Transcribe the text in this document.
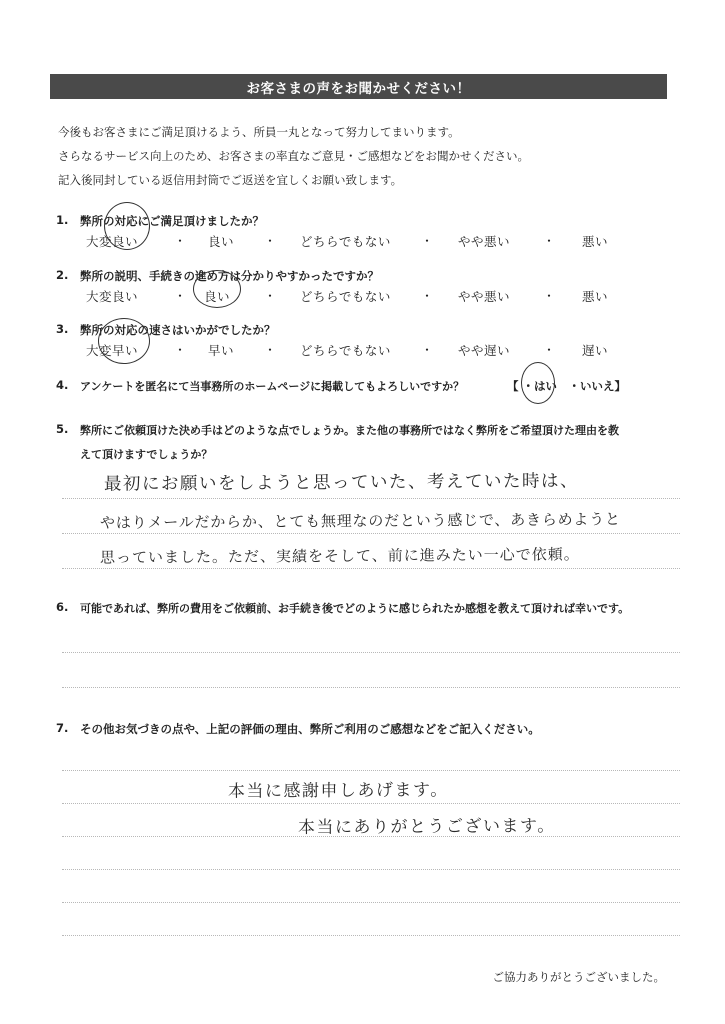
お客さまの声をお聞かせください！
今後もお客さまにご満足頂けるよう、所員一丸となって努力してまいります。
さらなるサービス向上のため、お客さまの率直なご意見・ご感想などをお聞かせください。
記入後同封している返信用封筒でご返送を宜しくお願い致します。
1. 弊所の対応にご満足頂けましたか？
大変良い	・ 良い ・ どちらでもない	・ やや悪い	・ 悪い
2. 弊所の説明、手続きの進め方は分かりやすかったですか？
大変良い	・ 良い	・ どちらでもない	・ やや悪い	・ 悪い
3. 弊所の対応の速さはいかがでしたか？
大変早い	・ 早い ・ どちらでもない	・ やや遅い	・ 遅い
4. アンケートを匿名にて当事務所のホームページに掲載してもよろしいですか？	【 ・はい　・いいえ】
5. 弊所にご依頼頂けた決め手はどのような点でしょうか。また他の事務所ではなく弊所をご希望頂けた理由を教
えて頂けますでしょうか？
最初にお願いをしようと思っていた、考えていた時は、
やはりメールだからか、とても無理なのだという感じで、あきらめようと
思っていました。ただ、実績をそして、前に進みたい一心で依頼。
6. 可能であれば、弊所の費用をご依頼前、お手続き後でどのように感じられたか感想を教えて頂ければ幸いです。
7. その他お気づきの点や、上記の評価の理由、弊所ご利用のご感想などをご記入ください。
本当に感謝申しあげます。
本当にありがとうございます。
ご協力ありがとうございました。
